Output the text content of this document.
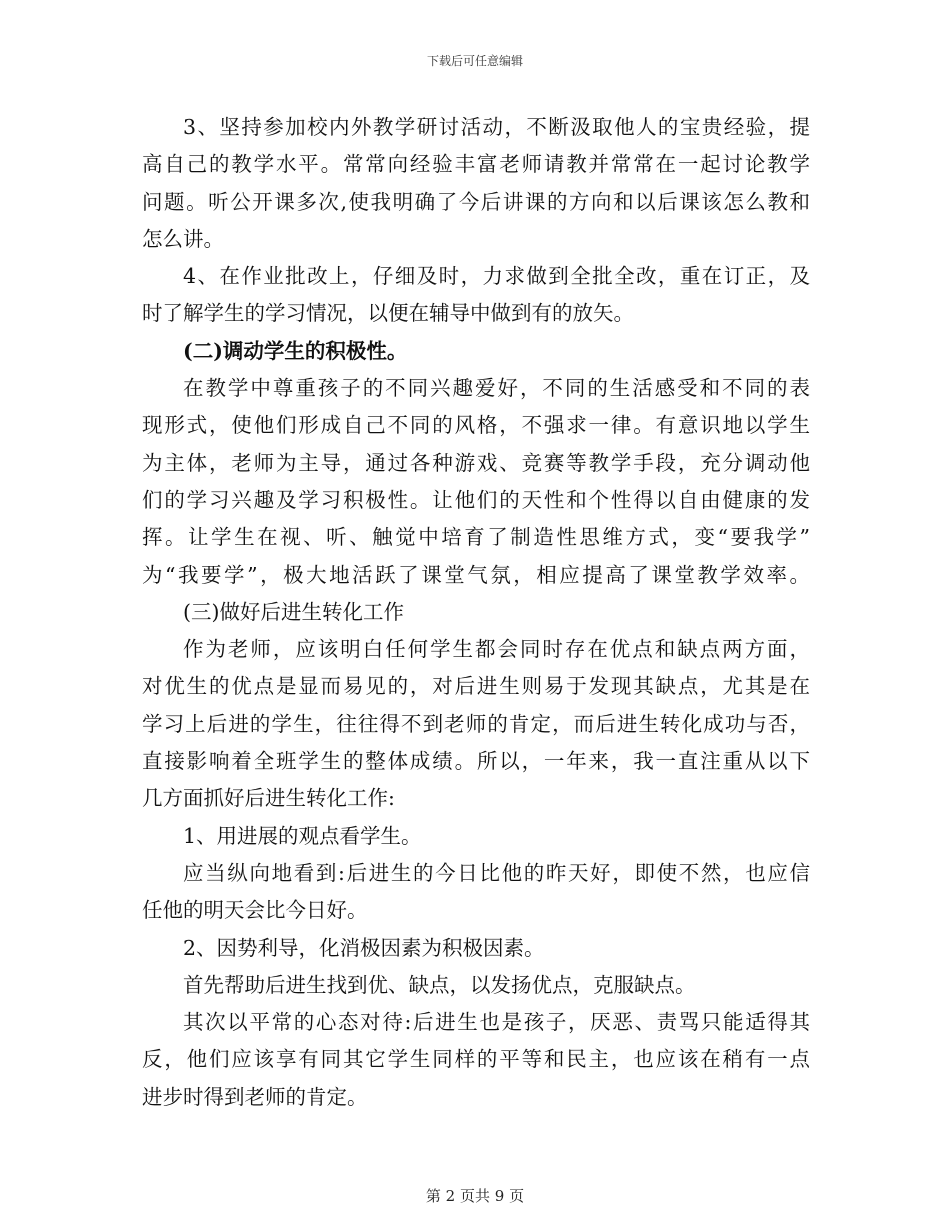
下载后可任意编辑
3、坚持参加校内外教学研讨活动，不断汲取他人的宝贵经验，提
高自己的教学水平。常常向经验丰富老师请教并常常在一起讨论教学
问题。听公开课多次,使我明确了今后讲课的方向和以后课该怎么教和
怎么讲。
4、在作业批改上，仔细及时，力求做到全批全改，重在订正，及
时了解学生的学习情况，以便在辅导中做到有的放矢。
(二)调动学生的积极性。
在教学中尊重孩子的不同兴趣爱好，不同的生活感受和不同的表
现形式，使他们形成自己不同的风格，不强求一律。有意识地以学生
为主体，老师为主导，通过各种游戏、竞赛等教学手段，充分调动他
们的学习兴趣及学习积极性。让他们的天性和个性得以自由健康的发
挥。让学生在视、听、触觉中培育了制造性思维方式，变“要我学”
为“我要学”，极大地活跃了课堂气氛，相应提高了课堂教学效率。
(三)做好后进生转化工作
作为老师，应该明白任何学生都会同时存在优点和缺点两方面，
对优生的优点是显而易见的，对后进生则易于发现其缺点，尤其是在
学习上后进的学生，往往得不到老师的肯定，而后进生转化成功与否，
直接影响着全班学生的整体成绩。所以，一年来，我一直注重从以下
几方面抓好后进生转化工作:
1、用进展的观点看学生。
应当纵向地看到:后进生的今日比他的昨天好，即使不然，也应信
任他的明天会比今日好。
2、因势利导，化消极因素为积极因素。
首先帮助后进生找到优、缺点，以发扬优点，克服缺点。
其次以平常的心态对待:后进生也是孩子，厌恶、责骂只能适得其
反，他们应该享有同其它学生同样的平等和民主，也应该在稍有一点
进步时得到老师的肯定。
第 2 页共 9 页
